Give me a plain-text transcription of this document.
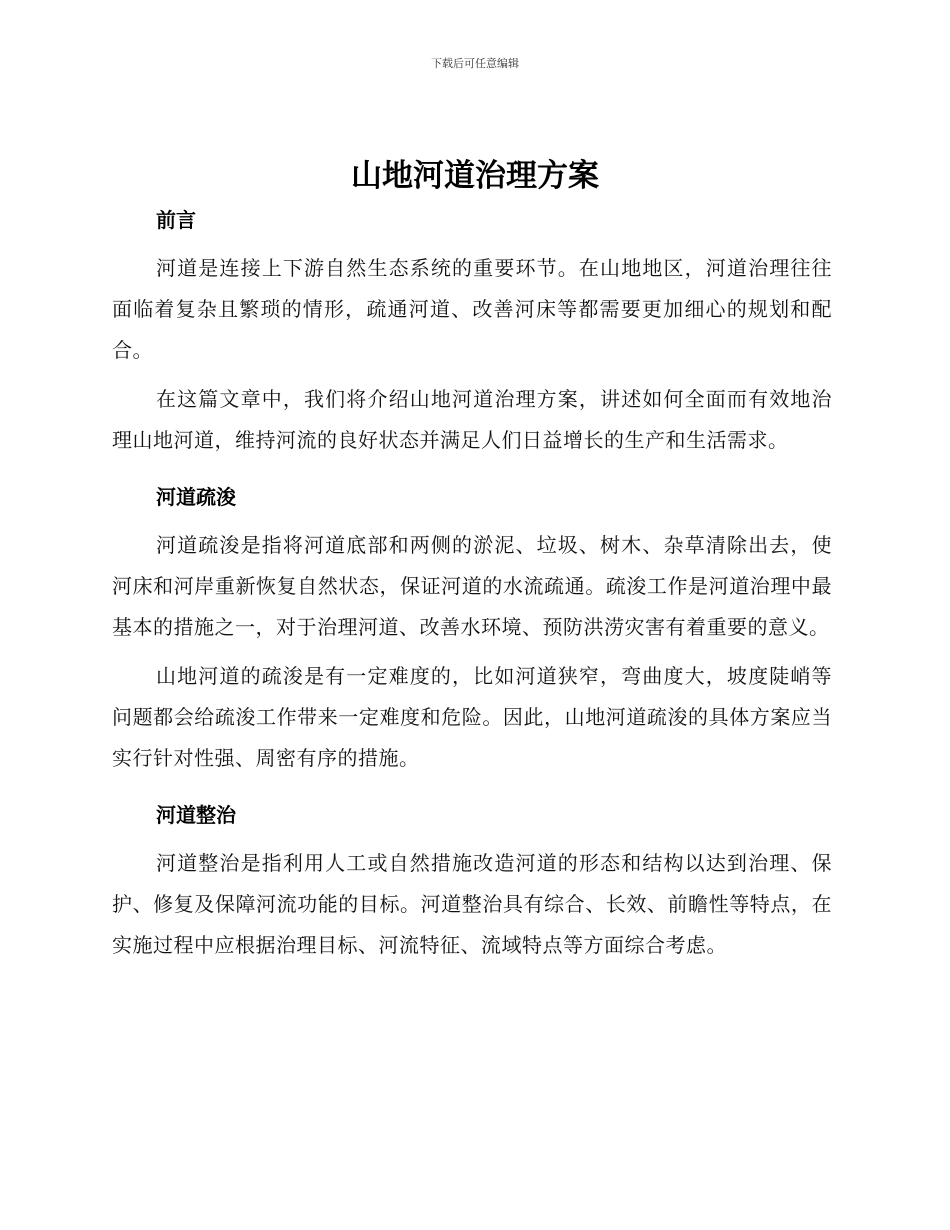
下载后可任意编辑
山地河道治理方案
前言

河道是连接上下游自然生态系统的重要环节。在山地地区，河道治理往往面临着复杂且繁琐的情形，疏通河道、改善河床等都需要更加细心的规划和配合。

在这篇文章中，我们将介绍山地河道治理方案，讲述如何全面而有效地治理山地河道，维持河流的良好状态并满足人们日益增长的生产和生活需求。

河道疏浚

河道疏浚是指将河道底部和两侧的淤泥、垃圾、树木、杂草清除出去，使河床和河岸重新恢复自然状态，保证河道的水流疏通。疏浚工作是河道治理中最基本的措施之一，对于治理河道、改善水环境、预防洪涝灾害有着重要的意义。

山地河道的疏浚是有一定难度的，比如河道狭窄，弯曲度大，坡度陡峭等问题都会给疏浚工作带来一定难度和危险。因此，山地河道疏浚的具体方案应当实行针对性强、周密有序的措施。

河道整治

河道整治是指利用人工或自然措施改造河道的形态和结构以达到治理、保护、修复及保障河流功能的目标。河道整治具有综合、长效、前瞻性等特点，在实施过程中应根据治理目标、河流特征、流域特点等方面综合考虑。
